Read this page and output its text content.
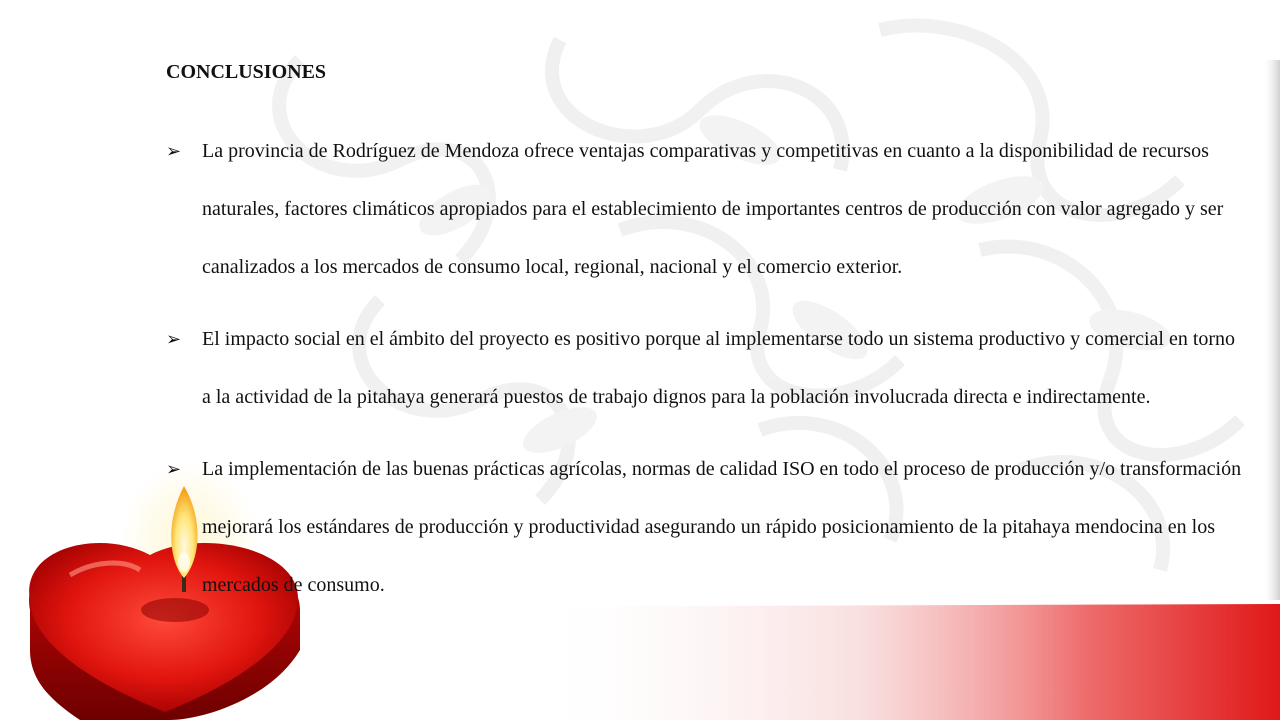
CONCLUSIONES
➢ La provincia de Rodríguez de Mendoza ofrece ventajas comparativas y competitivas en cuanto a la disponibilidad de recursos naturales, factores climáticos apropiados para el establecimiento de importantes centros de producción con valor agregado y ser canalizados a los mercados de consumo local, regional, nacional y el comercio exterior.
➢ El impacto social en el ámbito del proyecto es positivo porque al implementarse todo un sistema productivo y comercial en torno a la actividad de la pitahaya generará puestos de trabajo dignos para la población involucrada directa e indirectamente.
➢ La implementación de las buenas prácticas agrícolas, normas de calidad ISO en todo el proceso de producción y/o transformación mejorará los estándares de producción y productividad asegurando un rápido posicionamiento de la pitahaya mendocina en los mercados de consumo.
